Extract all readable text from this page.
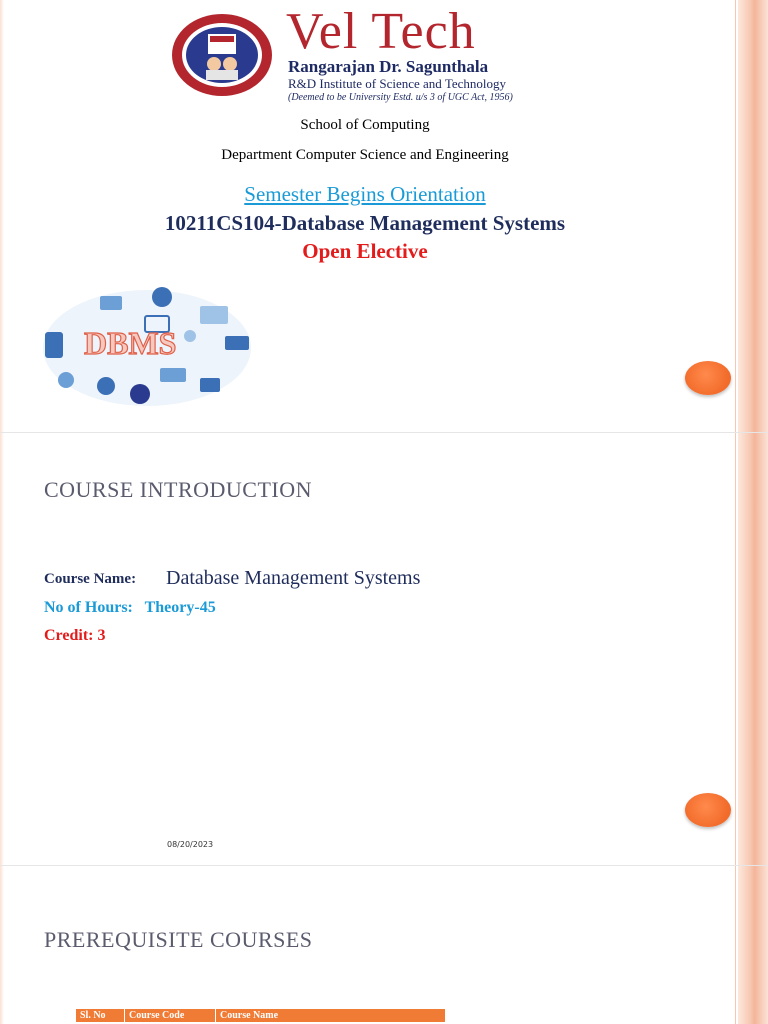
Vel Tech
Rangarajan Dr. Sagunthala
R&D Institute of Science and Technology
(Deemed to be University Estd. u/s 3 of UGC Act, 1956)
School of Computing
Department Computer Science and Engineering
Semester Begins Orientation
10211CS104-Database Management Systems
Open Elective
DBMS
COURSE INTRODUCTION
Course Name: Database Management Systems
No of Hours:   Theory-45
Credit: 3
08/20/2023
PREREQUISITE COURSES
Sl. No	Course Code	Course Name
